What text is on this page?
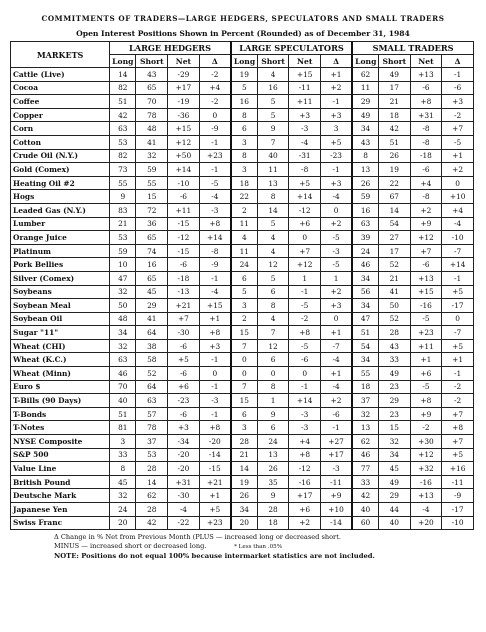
COMMITMENTS OF TRADERS—LARGE HEDGERS, SPECULATORS AND SMALL TRADERS
Open Interest Positions Shown in Percent (Rounded) as of December 31, 1984
MARKETS	LARGE HEDGERS				LARGE SPECULATORS				SMALL TRADERS			
	Long	Short	Net	Δ	Long	Short	Net	Δ	Long	Short	Net	Δ
Cattle (Live)	14	43	-29	-2	19	4	+15	+1	62	49	+13	-1
Cocoa	82	65	+17	+4	5	16	-11	+2	11	17	-6	-6
Coffee	51	70	-19	-2	16	5	+11	-1	29	21	+8	+3
Copper	42	78	-36	0	8	5	+3	+3	49	18	+31	-2
Corn	63	48	+15	-9	6	9	-3	3	34	42	-8	+7
Cotton	53	41	+12	-1	3	7	-4	+5	43	51	-8	-5
Crude Oil (N.Y.)	82	32	+50	+23	8	40	-31	-23	8	26	-18	+1
Gold (Comex)	73	59	+14	-1	3	11	-8	-1	13	19	-6	+2
Heating Oil #2	55	55	-10	-5	18	13	+5	+3	26	22	+4	0
Hogs	9	15	-6	-4	22	8	+14	-4	59	67	-8	+10
Leaded Gas (N.Y.)	83	72	+11	-3	2	14	-12	0	16	14	+2	+4
Lumber	21	36	-15	+8	11	5	+6	+2	63	54	+9	-4
Orange Juice	53	65	-12	+14	4	4	0	-5	39	27	+12	-10
Platinum	59	74	-15	-8	11	4	+7	-3	24	17	+7	-7
Pork Bellies	10	16	-6	-9	24	12	+12	-5	46	52	-6	+14
Silver (Comex)	47	65	-18	-1	6	5	1	1	34	21	+13	-1
Soybeans	32	45	-13	-4	5	6	-1	+2	56	41	+15	+5
Soybean Meal	50	29	+21	+15	3	8	-5	+3	34	50	-16	-17
Soybean Oil	48	41	+7	+1	2	4	-2	0	47	52	-5	0
Sugar "11"	34	64	-30	+8	15	7	+8	+1	51	28	+23	-7
Wheat (CHI)	32	38	-6	+3	7	12	-5	-7	54	43	+11	+5
Wheat (K.C.)	63	58	+5	-1	0	6	-6	-4	34	33	+1	+1
Wheat (Minn)	46	52	-6	0	0	0	0	+1	55	49	+6	-1
Euro $	70	64	+6	-1	7	8	-1	-4	18	23	-5	-2
T-Bills (90 Days)	40	63	-23	-3	15	1	+14	+2	37	29	+8	-2
T-Bonds	51	57	-6	-1	6	9	-3	-6	32	23	+9	+7
T-Notes	81	78	+3	+8	3	6	-3	-1	13	15	-2	+8
NYSE Composite	3	37	-34	-20	28	24	+4	+27	62	32	+30	+7
S&P 500	33	53	-20	-14	21	13	+8	+17	46	34	+12	+5
Value Line	8	28	-20	-15	14	26	-12	-3	77	45	+32	+16
British Pound	45	14	+31	+21	19	35	-16	-11	33	49	-16	-11
Deutsche Mark	32	62	-30	+1	26	9	+17	+9	42	29	+13	-9
Japanese Yen	24	28	-4	+5	34	28	+6	+10	40	44	-4	-17
Swiss Franc	20	42	-22	+23	20	18	+2	-14	60	40	+20	-10
Δ Change in % Net from Previous Month (PLUS — increased long or decreased short.
MINUS — increased short or decreased long.	* Less than .05%
NOTE: Positions do not equal 100% because intermarket statistics are not included.
